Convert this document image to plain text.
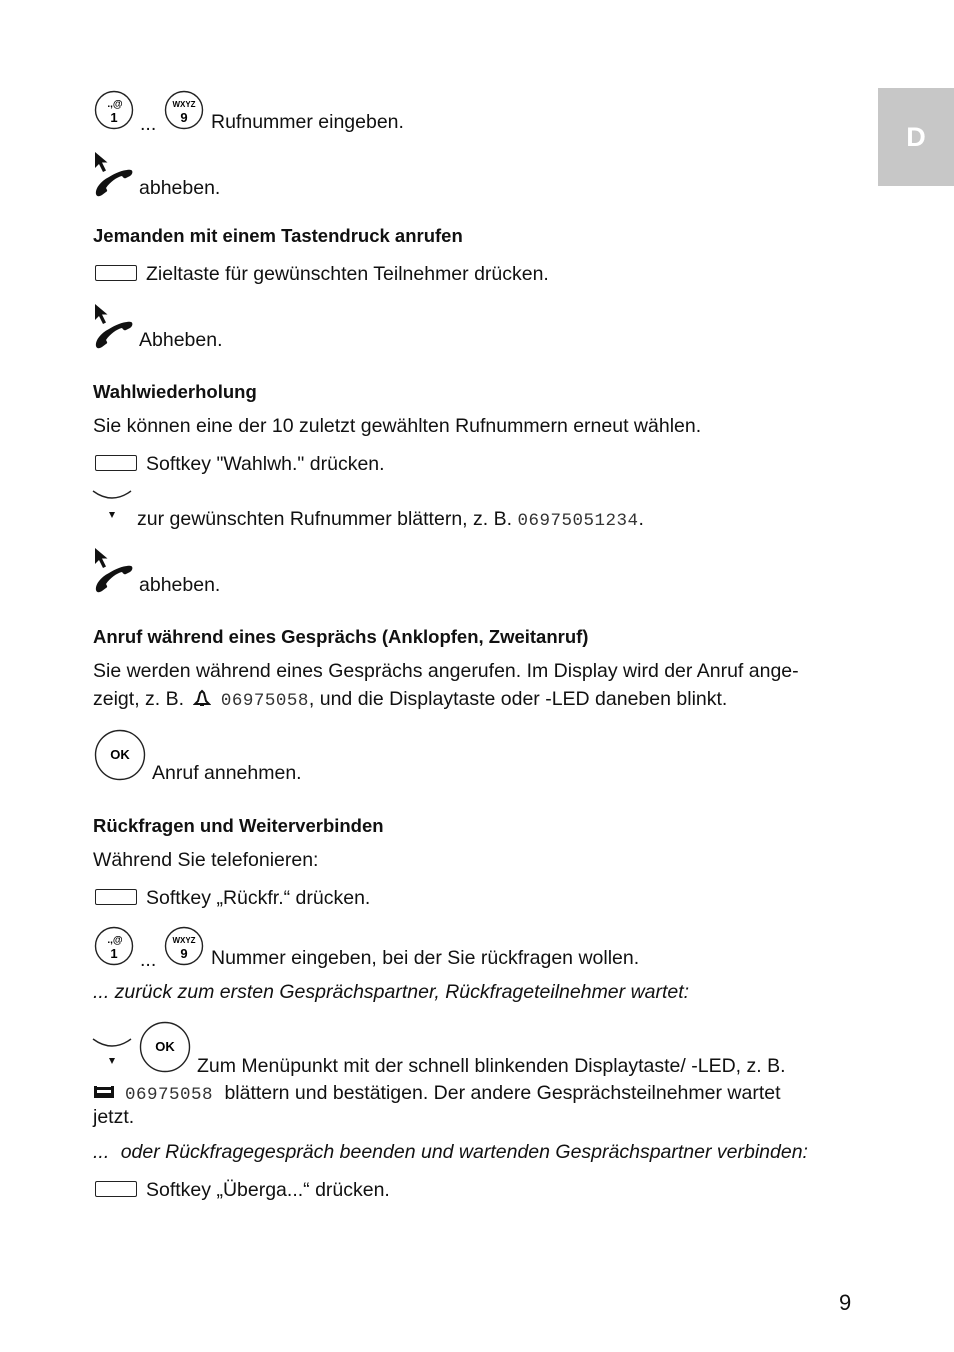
D
.,@
1 ...
WXYZ
9 Rufnummer eingeben.
abheben.
Jemanden mit einem Tastendruck anrufen
Zieltaste für gewünschten Teilnehmer drücken.
Abheben.
Wahlwiederholung
Sie können eine der 10 zuletzt gewählten Rufnummern erneut wählen.
Softkey "Wahlwh." drücken.
zur gewünschten Rufnummer blättern, z. B. 06975051234.
abheben.
Anruf während eines Gesprächs (Anklopfen, Zweitanruf)
Sie werden während eines Gesprächs angerufen. Im Display wird der Anruf ange-
zeigt, z. B. 06975058, und die Displaytaste oder -LED daneben blinkt.
OK
Anruf annehmen.
Rückfragen und Weiterverbinden
Während Sie telefonieren:
Softkey „Rückfr.“ drücken.
.,@
1 ...
WXYZ
9 Nummer eingeben, bei der Sie rückfragen wollen.
... zurück zum ersten Gesprächspartner, Rückfrageteilnehmer wartet:
OK
Zum Menüpunkt mit der schnell blinkenden Displaytaste/ -LED, z. B.
06975058 blättern und bestätigen. Der andere Gesprächsteilnehmer wartet
jetzt.
... oder Rückfragegespräch beenden und wartenden Gesprächspartner verbinden:
Softkey „Überga...“ drücken.
9
